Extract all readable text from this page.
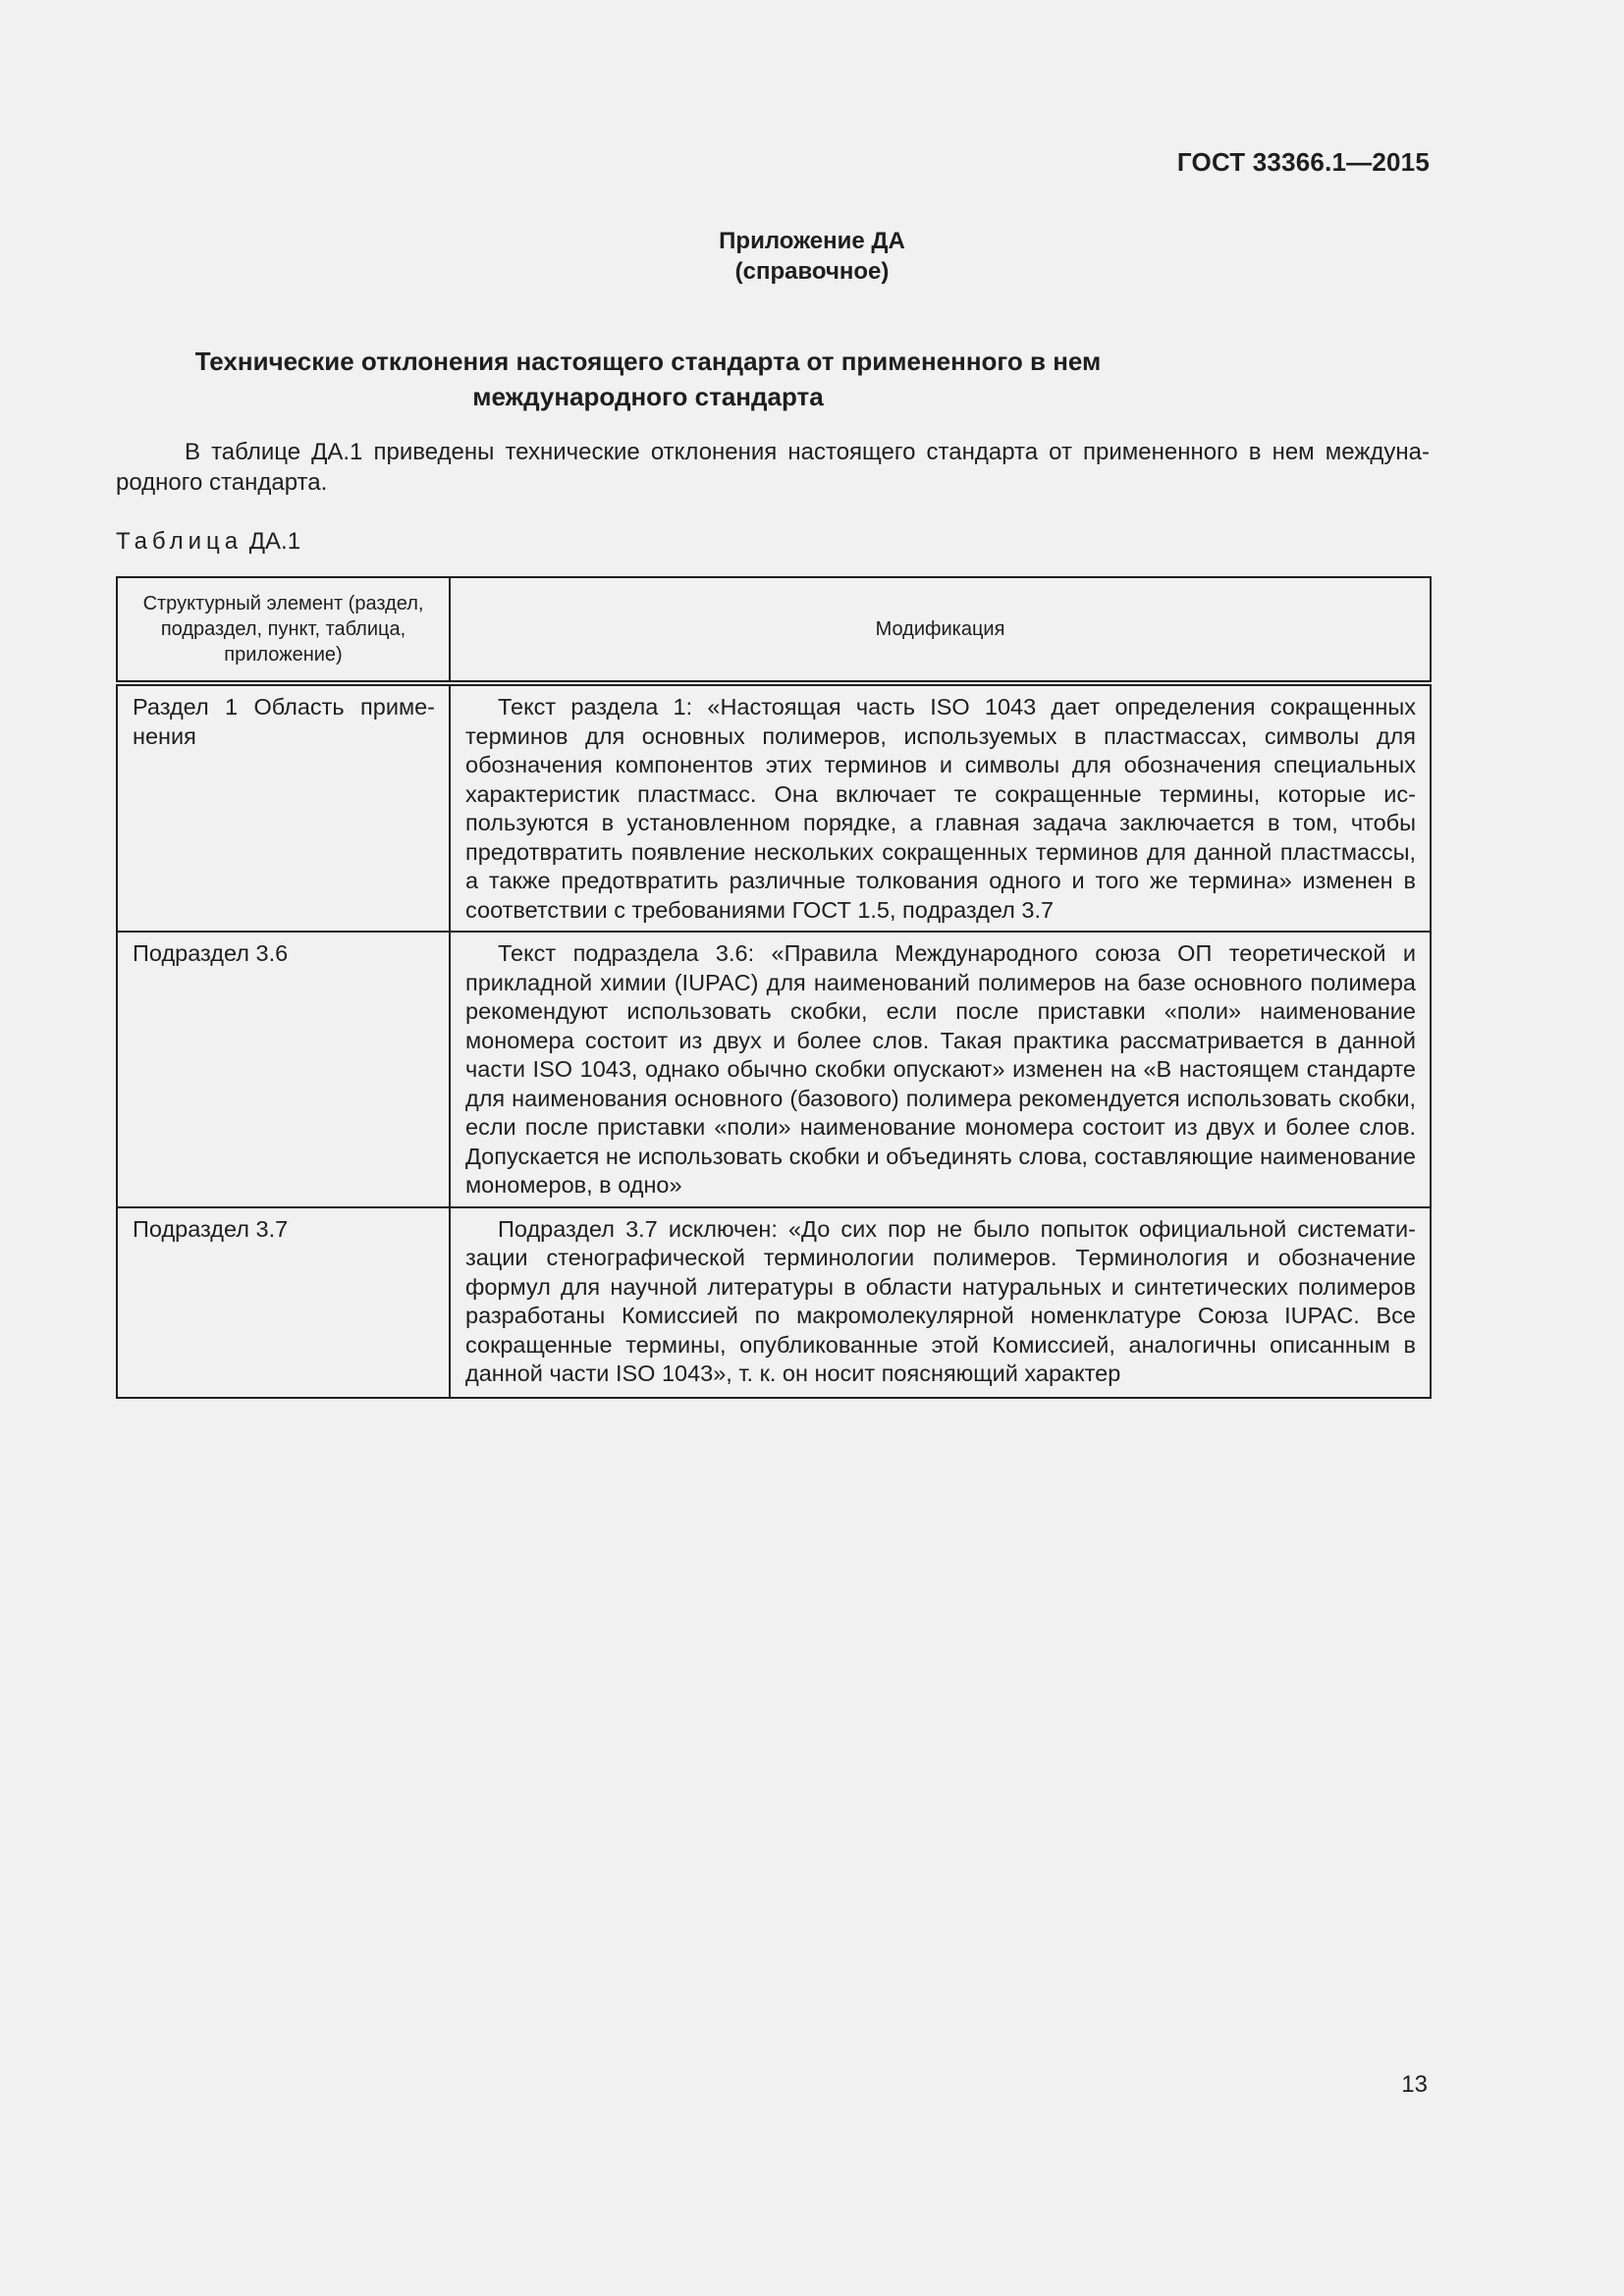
ГОСТ 33366.1—2015
Приложение ДА
(справочное)
Технические отклонения настоящего стандарта от примененного в нем международного стандарта

В таблице ДА.1 приведены технические отклонения настоящего стандарта от примененного в нем международного стандарта.

Таблица ДА.1
Структурный элемент (раздел, подраздел, пункт, таблица, приложение)	Модификация
Раздел 1 Область применения	Текст раздела 1: «Настоящая часть ISO 1043 дает определения сокращенных терминов для основных полимеров, используемых в пластмассах, символы для обозначения компонентов этих терминов и символы для обозначения специальных характеристик пластмасс. Она включает те сокращенные термины, которые используются в установленном порядке, а главная задача заключается в том, чтобы предотвратить появление нескольких сокращенных терминов для данной пластмассы, а также предотвратить различные толкования одного и того же термина» изменен в соответствии с требованиями ГОСТ 1.5, подраздел 3.7
Подраздел 3.6	Текст подраздела 3.6: «Правила Международного союза ОП теоретической и прикладной химии (IUPAC) для наименований полимеров на базе основного полимера рекомендуют использовать скобки, если после приставки «поли» наименование мономера состоит из двух и более слов. Такая практика рассматривается в данной части ISO 1043, однако обычно скобки опускают» изменен на «В настоящем стандарте для наименования основного (базового) полимера рекомендуется использовать скобки, если после приставки «поли» наименование мономера состоит из двух и более слов. Допускается не использовать скобки и объединять слова, составляющие наименование мономеров, в одно»
Подраздел 3.7	Подраздел 3.7 исключен: «До сих пор не было попыток официальной систематизации стенографической терминологии полимеров. Терминология и обозначение формул для научной литературы в области натуральных и синтетических полимеров разработаны Комиссией по макромолекулярной номенклатуре Союза IUPAC. Все сокращенные термины, опубликованные этой Комиссией, аналогичны описанным в данной части ISO 1043», т. к. он носит поясняющий характер
13
